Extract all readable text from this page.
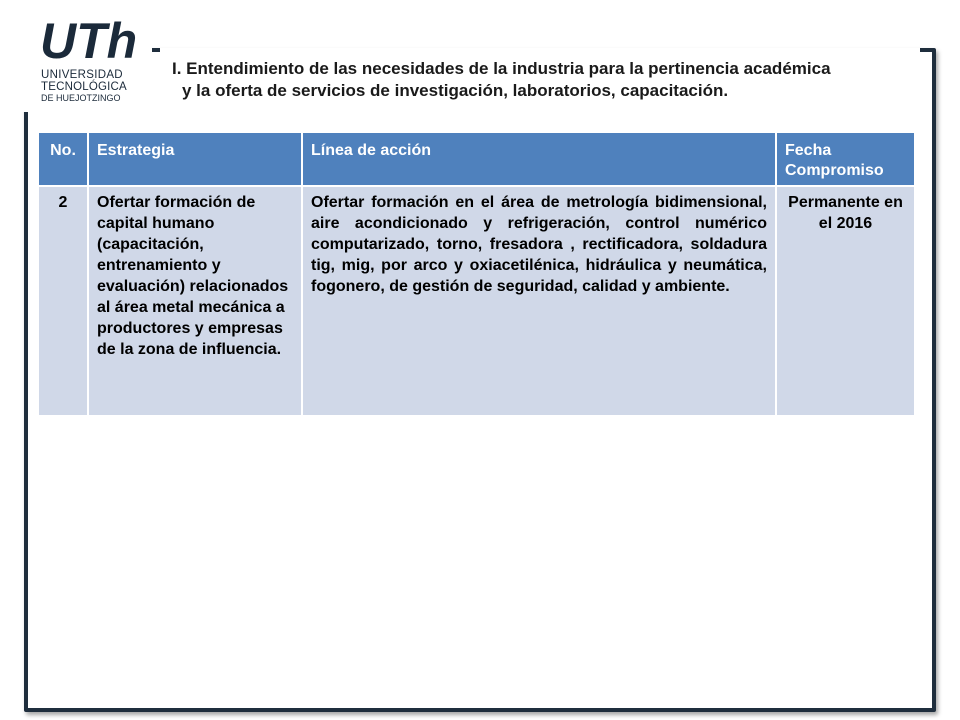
UTh
UNIVERSIDAD
TECNOLÓGICA
DE HUEJOTZINGO
I. Entendimiento de las necesidades de la industria para la pertinencia académica
y la oferta de servicios de investigación, laboratorios, capacitación.
No.	Estrategia	Línea de acción	Fecha Compromiso
2	Ofertar formación de capital humano (capacitación, entrenamiento y evaluación) relacionados al área metal mecánica a productores y empresas de la zona de influencia.	Ofertar formación en el área de metrología bidimensional, aire acondicionado y refrigeración, control numérico computarizado, torno, fresadora , rectificadora, soldadura tig, mig, por arco y oxiacetilénica, hidráulica y neumática, fogonero, de gestión de seguridad, calidad y ambiente.	Permanente en el 2016
